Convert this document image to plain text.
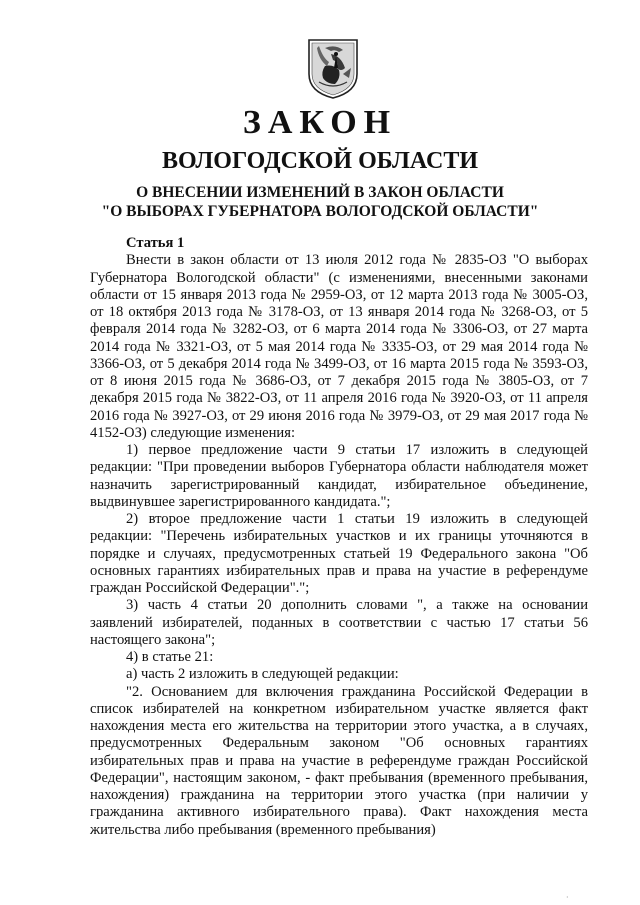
ЗАКОН
ВОЛОГОДСКОЙ ОБЛАСТИ
О ВНЕСЕНИИ ИЗМЕНЕНИЙ В ЗАКОН ОБЛАСТИ
"О ВЫБОРАХ ГУБЕРНАТОРА ВОЛОГОДСКОЙ ОБЛАСТИ"

Статья 1

Внести в закон области от 13 июля 2012 года № 2835-ОЗ "О выборах Губернатора Вологодской области" (с изменениями, внесенными законами области от 15 января 2013 года № 2959-ОЗ, от 12 марта 2013 года № 3005-ОЗ, от 18 октября 2013 года № 3178-ОЗ, от 13 января 2014 года № 3268-ОЗ, от 5 февраля 2014 года № 3282-ОЗ, от 6 марта 2014 года № 3306-ОЗ, от 27 марта 2014 года № 3321-ОЗ, от 5 мая 2014 года № 3335-ОЗ, от 29 мая 2014 года № 3366-ОЗ, от 5 декабря 2014 года № 3499-ОЗ, от 16 марта 2015 года № 3593-ОЗ, от 8 июня 2015 года № 3686-ОЗ, от 7 декабря 2015 года № 3805-ОЗ, от 7 декабря 2015 года № 3822-ОЗ, от 11 апреля 2016 года № 3920-ОЗ, от 11 апреля 2016 года № 3927-ОЗ, от 29 июня 2016 года № 3979-ОЗ, от 29 мая 2017 года № 4152-ОЗ) следующие изменения:

1) первое предложение части 9 статьи 17 изложить в следующей редакции: "При проведении выборов Губернатора области наблюдателя может назначить зарегистрированный кандидат, избирательное объединение, выдвинувшее зарегистрированного кандидата.";

2) второе предложение части 1 статьи 19 изложить в следующей редакции: "Перечень избирательных участков и их границы уточняются в порядке и случаях, предусмотренных статьей 19 Федерального закона "Об основных гарантиях избирательных прав и права на участие в референдуме граждан Российской Федерации".";

3) часть 4 статьи 20 дополнить словами ", а также на основании заявлений избирателей, поданных в соответствии с частью 17 статьи 56 настоящего закона";

4) в статье 21:

а) часть 2 изложить в следующей редакции:

"2. Основанием для включения гражданина Российской Федерации в список избирателей на конкретном избирательном участке является факт нахождения места его жительства на территории этого участка, а в случаях, предусмотренных Федеральным законом "Об основных гарантиях избирательных прав и права на участие в референдуме граждан Российской Федерации", настоящим законом, - факт пребывания (временного пребывания, нахождения) гражданина на территории этого участка (при наличии у гражданина активного избирательного права). Факт нахождения места жительства либо пребывания (временного пребывания)

·
